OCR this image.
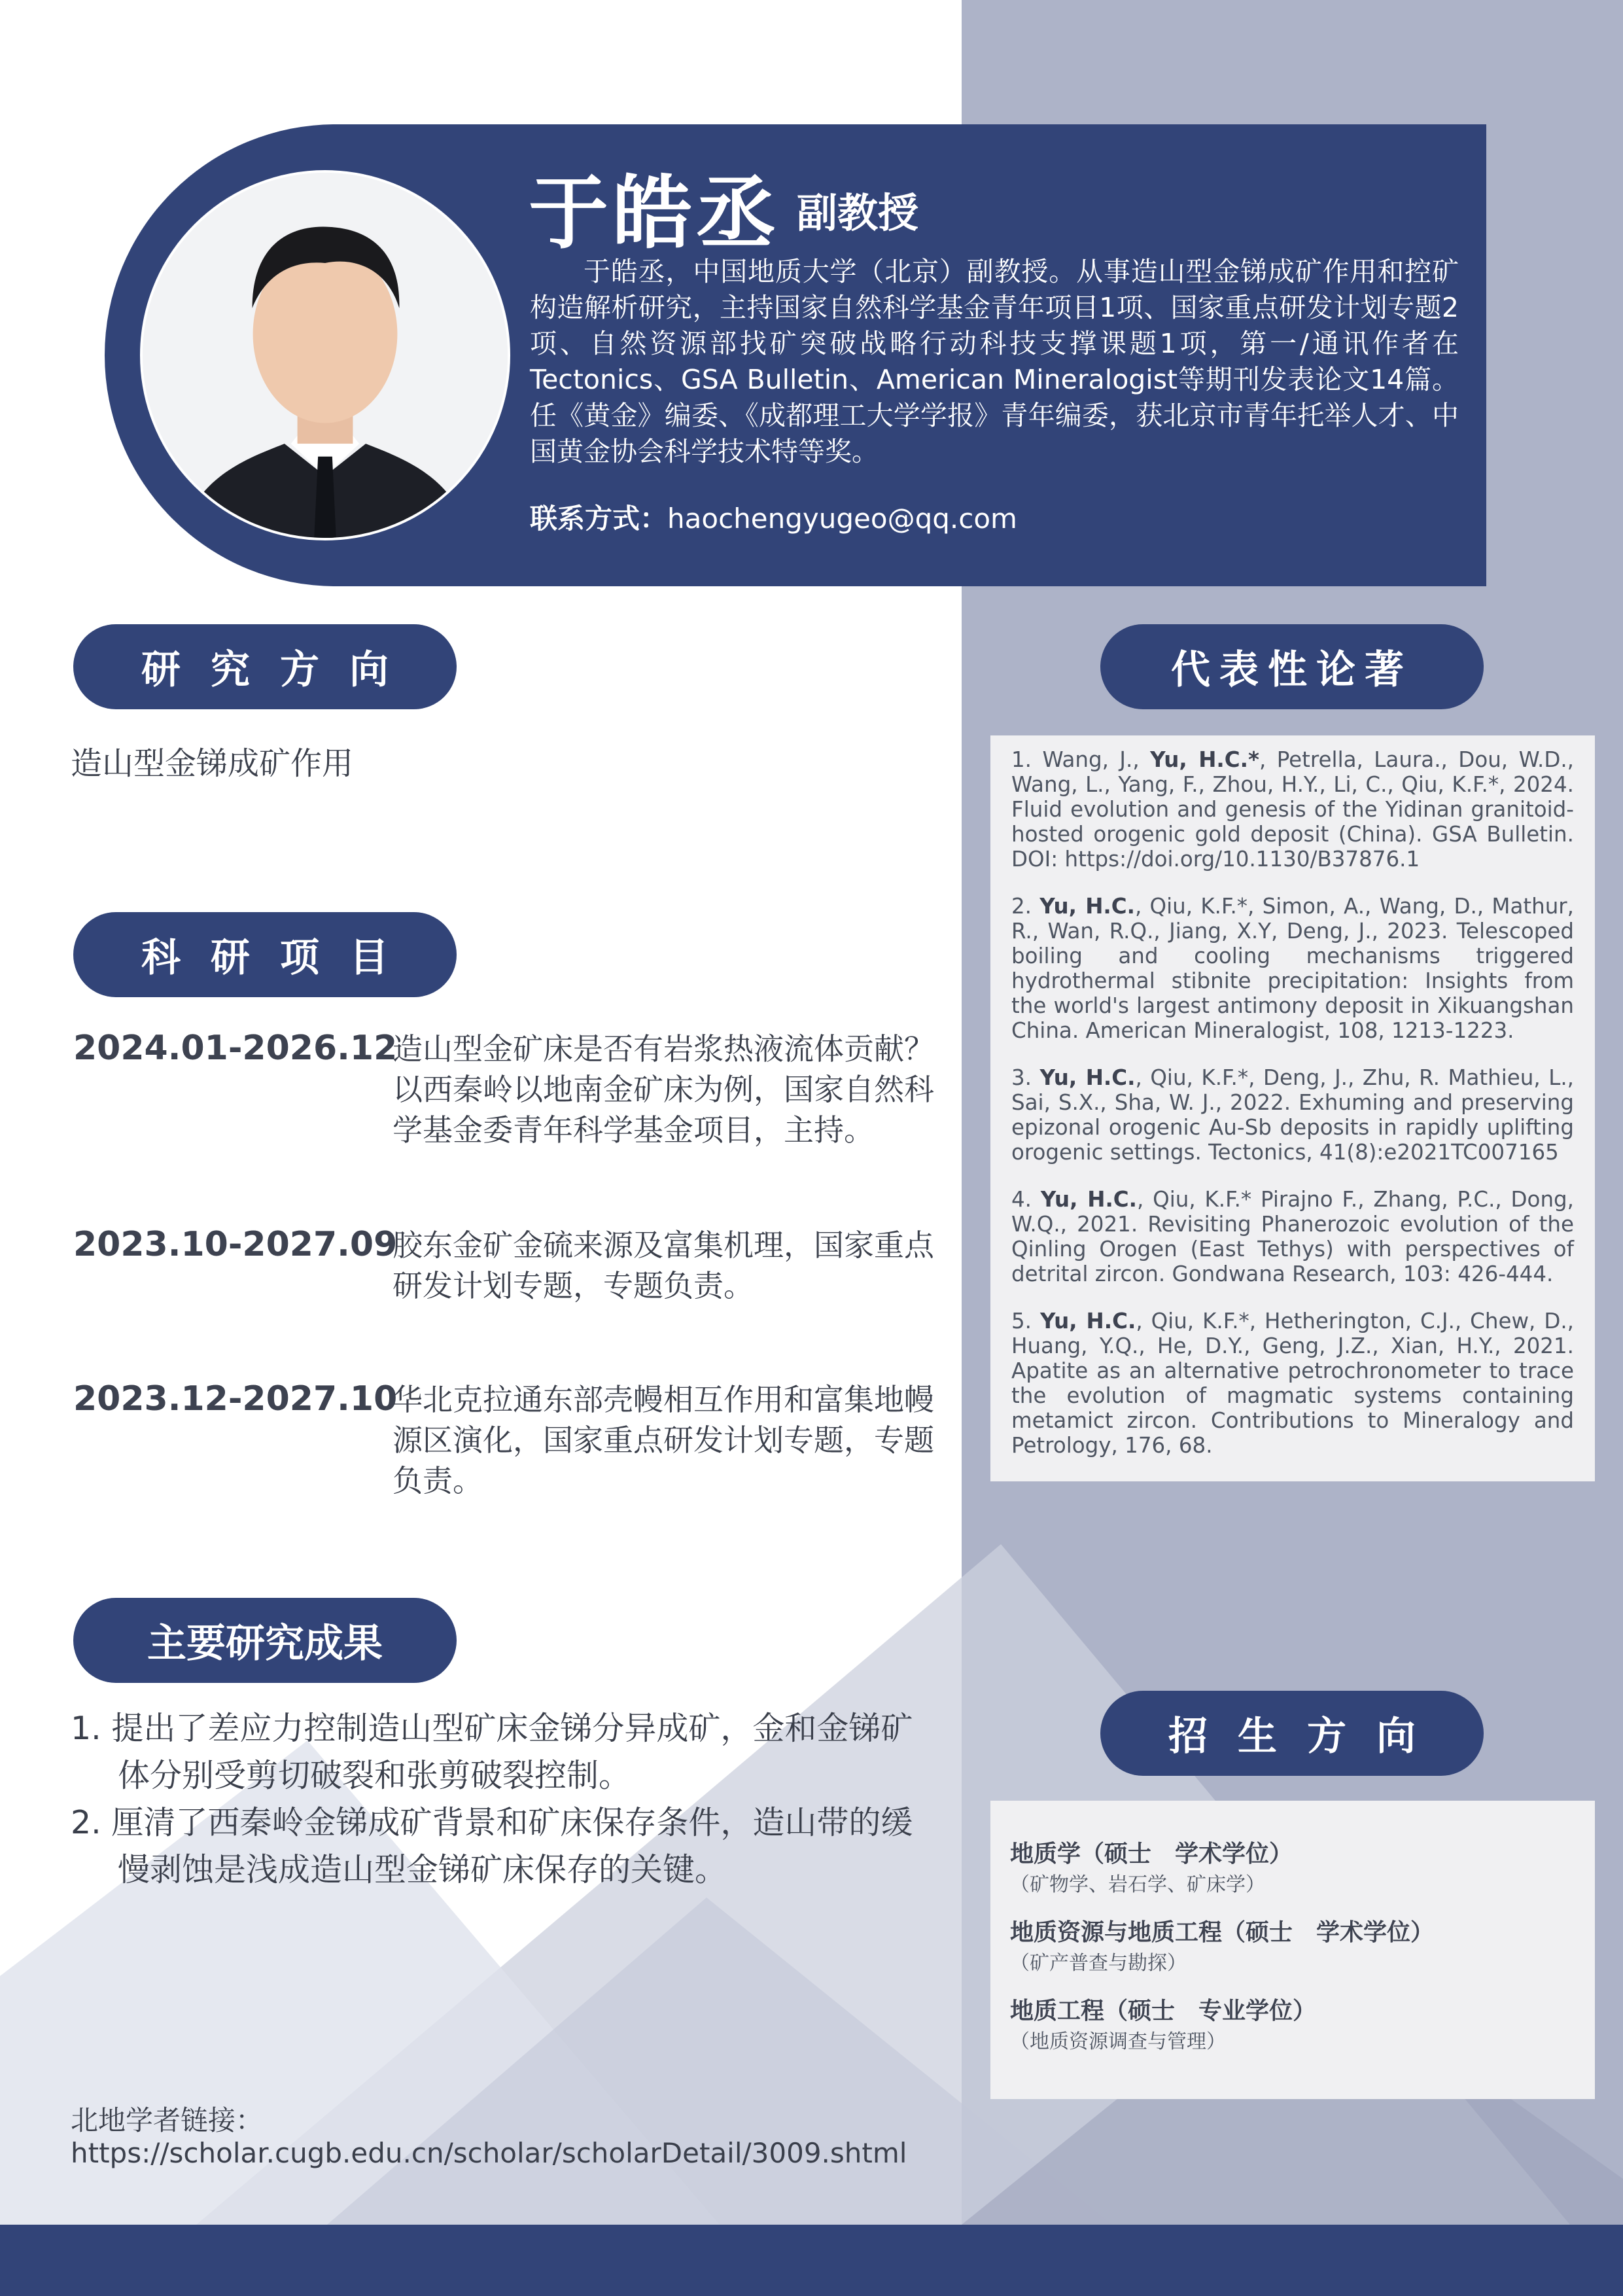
于皓丞 副教授
于皓丞，中国地质大学（北京）副教授。从事造山型金锑成矿作用和控矿构造解析研究，主持国家自然科学基金青年项目1项、国家重点研发计划专题2项、自然资源部找矿突破战略行动科技支撑课题1项，第一/通讯作者在Tectonics、GSA Bulletin、American Mineralogist等期刊发表论文14篇。任《黄金》编委、《成都理工大学学报》青年编委，获北京市青年托举人才、中国黄金协会科学技术特等奖。
联系方式：haochengyugeo@qq.com
研究方向
造山型金锑成矿作用
科研项目
2024.01-2026.12
造山型金矿床是否有岩浆热液流体贡献？以西秦岭以地南金矿床为例，国家自然科学基金委青年科学基金项目，主持。
2023.10-2027.09
胶东金矿金硫来源及富集机理，国家重点研发计划专题，专题负责。
2023.12-2027.10
华北克拉通东部壳幔相互作用和富集地幔源区演化，国家重点研发计划专题，专题负责。
主要研究成果
1. 提出了差应力控制造山型矿床金锑分异成矿，金和金锑矿体分别受剪切破裂和张剪破裂控制。
2. 厘清了西秦岭金锑成矿背景和矿床保存条件，造山带的缓慢剥蚀是浅成造山型金锑矿床保存的关键。
北地学者链接：
https://scholar.cugb.edu.cn/scholar/scholarDetail/3009.shtml
代表性论著
1. Wang, J., Yu, H.C.*, Petrella, Laura., Dou, W.D., Wang, L., Yang, F., Zhou, H.Y., Li, C., Qiu, K.F.*, 2024. Fluid evolution and genesis of the Yidinan granitoid-hosted orogenic gold deposit (China). GSA Bulletin. DOI: https://doi.org/10.1130/B37876.1
2. Yu, H.C., Qiu, K.F.*, Simon, A., Wang, D., Mathur, R., Wan, R.Q., Jiang, X.Y, Deng, J., 2023. Telescoped boiling and cooling mechanisms triggered hydrothermal stibnite precipitation: Insights from the world's largest antimony deposit in Xikuangshan China. American Mineralogist, 108, 1213-1223.
3. Yu, H.C., Qiu, K.F.*, Deng, J., Zhu, R. Mathieu, L., Sai, S.X., Sha, W. J., 2022. Exhuming and preserving epizonal orogenic Au-Sb deposits in rapidly uplifting orogenic settings. Tectonics, 41(8):e2021TC007165
4. Yu, H.C., Qiu, K.F.* Pirajno F., Zhang, P.C., Dong, W.Q., 2021. Revisiting Phanerozoic evolution of the Qinling Orogen (East Tethys) with perspectives of detrital zircon. Gondwana Research, 103: 426-444.
5. Yu, H.C., Qiu, K.F.*, Hetherington, C.J., Chew, D., Huang, Y.Q., He, D.Y., Geng, J.Z., Xian, H.Y., 2021. Apatite as an alternative petrochronometer to trace the evolution of magmatic systems containing metamict zircon. Contributions to Mineralogy and Petrology, 176, 68.
招生方向
地质学（硕士　学术学位）
（矿物学、岩石学、矿床学）
地质资源与地质工程（硕士　学术学位）
（矿产普查与勘探）
地质工程（硕士　专业学位）
（地质资源调查与管理）
